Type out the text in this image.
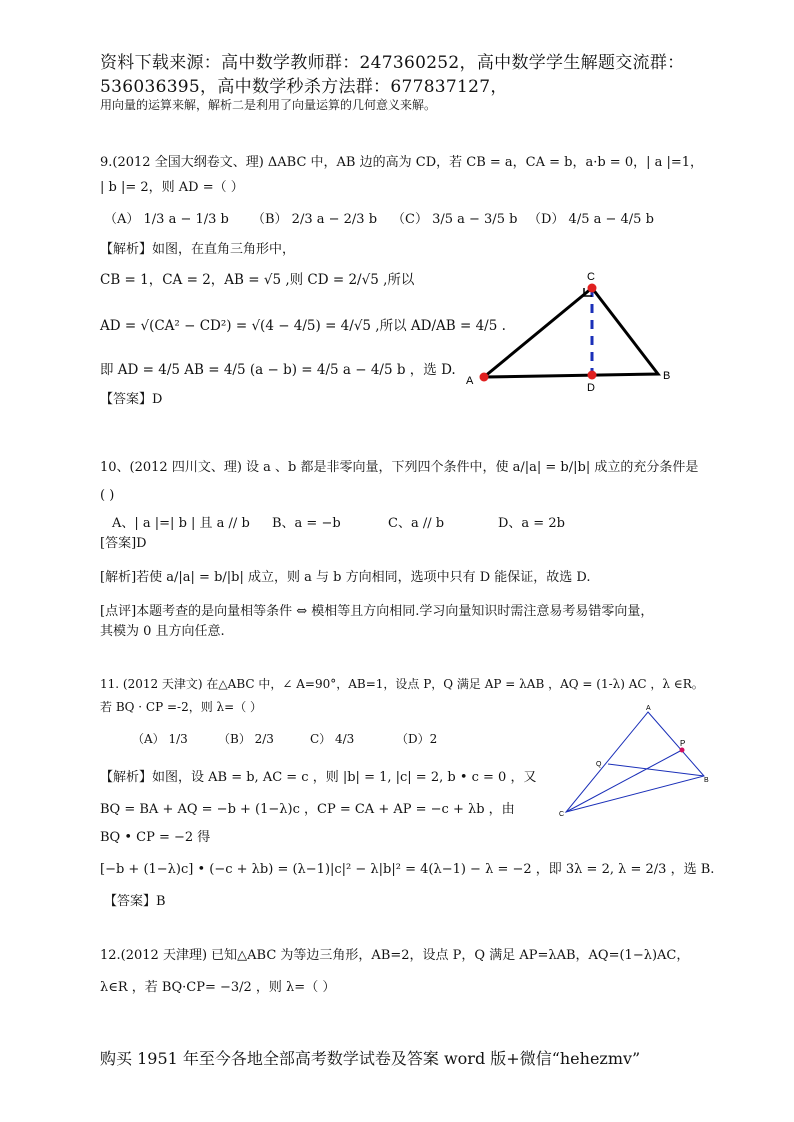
资料下载来源：高中数学教师群：247360252，高中数学学生解题交流群：
536036395，高中数学秒杀方法群：677837127，
用向量的运算来解，解析二是利用了向量运算的几何意义来解。
9.(2012 全国大纲卷文、理) ΔABC 中，AB 边的高为 CD，若 CB = a，CA = b，a·b = 0，| a |=1，
| b |= 2，则 AD =（ ）
（A） 1/3 a − 1/3 b （B） 2/3 a − 2/3 b （C） 3/5 a − 3/5 b （D） 4/5 a − 4/5 b
【解析】如图，在直角三角形中，
CB = 1，CA = 2，AB = √5 ,则 CD = 2/√5 ,所以
AD = √(CA² − CD²) = √(4 − 4/5) = 4/√5 ,所以 AD/AB = 4/5 .
即 AD = 4/5 AB = 4/5 (a − b) = 4/5 a − 4/5 b ，选 D.
【答案】D
C
A
D
B
10、(2012 四川文、理) 设 a 、b 都是非零向量，下列四个条件中，使 a/|a| = b/|b| 成立的充分条件是
( )
A、| a |=| b | 且 a // b B、a = −b	C、a // b	D、a = 2b
[答案]D
[解析]若使 a/|a| = b/|b| 成立，则 a 与 b 方向相同，选项中只有 D 能保证，故选 D.
[点评]本题考查的是向量相等条件 ⇔ 模相等且方向相同.学习向量知识时需注意易考易错零向量，
其模为 0 且方向任意.
11. (2012 天津文) 在△ABC 中，∠ A=90°，AB=1，设点 P，Q 满足 AP = λAB ，AQ = (1-λ) AC ，λ ∈R。
若 BQ · CP =-2，则 λ=（ ）
（A） 1/3	（B） 2/3	C） 4/3	（D）2
【解析】如图，设 AB = b, AC = c ，则 |b| = 1, |c| = 2, b • c = 0 ，又
BQ = BA + AQ = −b + (1−λ)c ，CP = CA + AP = −c + λb ，由
BQ • CP = −2 得
[−b + (1−λ)c] • (−c + λb) = (λ−1)|c|² − λ|b|² = 4(λ−1) − λ = −2 ，即 3λ = 2, λ = 2/3 ，选 B.
【答案】B
A
Q
P
B
C
12.(2012 天津理) 已知△ABC 为等边三角形，AB=2，设点 P，Q 满足 AP=λAB，AQ=(1−λ)AC，
λ∈R ，若 BQ·CP= −3/2 ，则 λ=（ ）
购买 1951 年至今各地全部高考数学试卷及答案 word 版+微信“hehezmv”
